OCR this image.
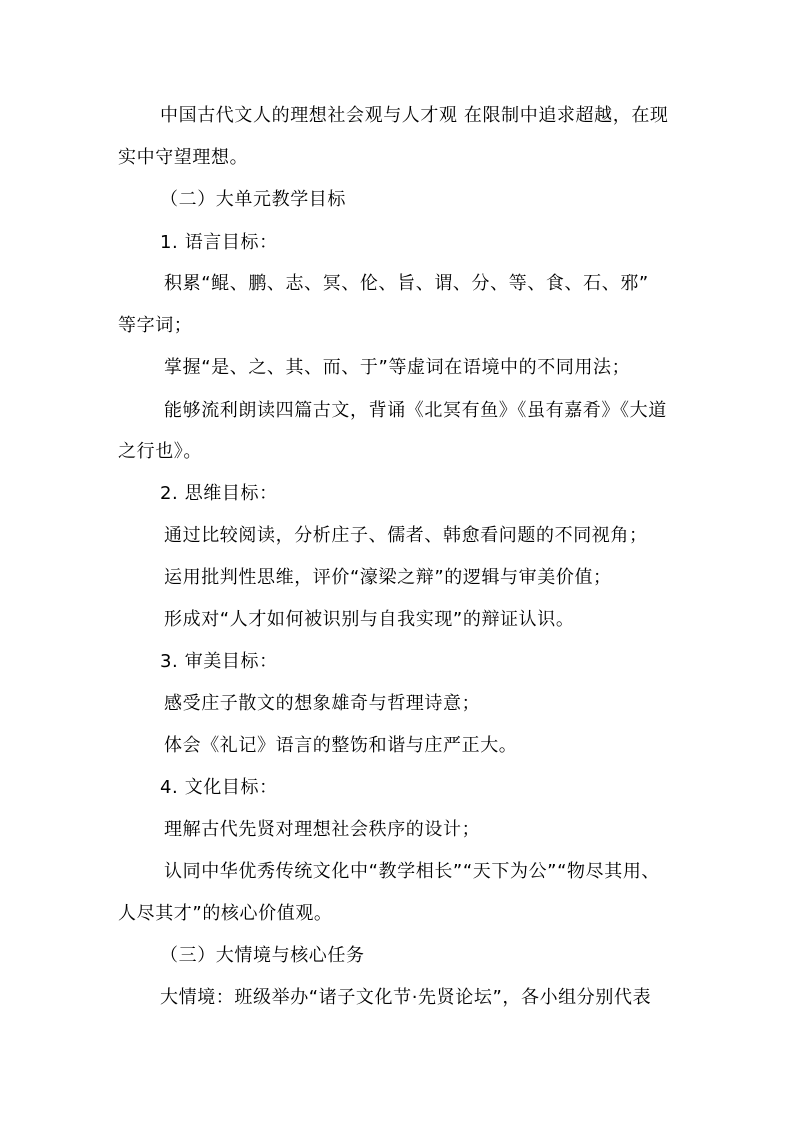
中国古代文人的理想社会观与人才观 在限制中追求超越，在现
实中守望理想。
（二）大单元教学目标
1. 语言目标：
积累“鲲、鹏、志、冥、伦、旨、谓、分、等、食、石、邪”
等字词；
掌握“是、之、其、而、于”等虚词在语境中的不同用法；
能够流利朗读四篇古文，背诵《北冥有鱼》《虽有嘉肴》《大道
之行也》。
2. 思维目标：
通过比较阅读，分析庄子、儒者、韩愈看问题的不同视角；
运用批判性思维，评价“濠梁之辩”的逻辑与审美价值；
形成对“人才如何被识别与自我实现”的辩证认识。
3. 审美目标：
感受庄子散文的想象雄奇与哲理诗意；
体会《礼记》语言的整饬和谐与庄严正大。
4. 文化目标：
理解古代先贤对理想社会秩序的设计；
认同中华优秀传统文化中“教学相长”“天下为公”“物尽其用、
人尽其才”的核心价值观。
（三）大情境与核心任务
大情境：班级举办“诸子文化节·先贤论坛”，各小组分别代表
